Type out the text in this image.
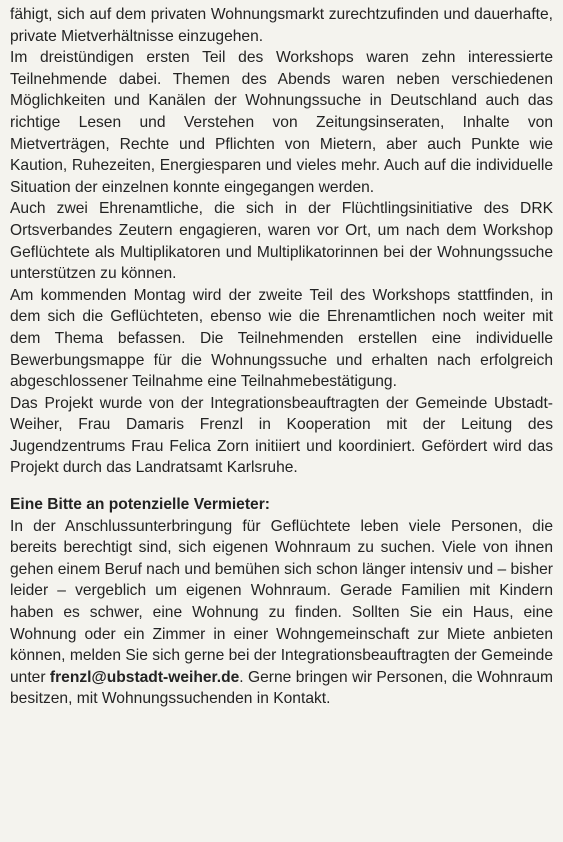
fähigt, sich auf dem privaten Wohnungsmarkt zurechtzufinden und dauerhafte, private Mietverhältnisse einzugehen.

Im dreistündigen ersten Teil des Workshops waren zehn interessierte Teilnehmende dabei. Themen des Abends waren neben verschiedenen Möglichkeiten und Kanälen der Wohnungssuche in Deutschland auch das richtige Lesen und Verstehen von Zeitungsinseraten, Inhalte von Mietverträgen, Rechte und Pflichten von Mietern, aber auch Punkte wie Kaution, Ruhezeiten, Energiesparen und vieles mehr. Auch auf die individuelle Situation der einzelnen konnte eingegangen werden.

Auch zwei Ehrenamtliche, die sich in der Flüchtlingsinitiative des DRK Ortsverbandes Zeutern engagieren, waren vor Ort, um nach dem Workshop Geflüchtete als Multiplikatoren und Multiplikatorinnen bei der Wohnungssuche unterstützen zu können.

Am kommenden Montag wird der zweite Teil des Workshops stattfinden, in dem sich die Geflüchteten, ebenso wie die Ehrenamtlichen noch weiter mit dem Thema befassen. Die Teilnehmenden erstellen eine individuelle Bewerbungsmappe für die Wohnungssuche und erhalten nach erfolgreich abgeschlossener Teilnahme eine Teilnahmebestätigung.

Das Projekt wurde von der Integrationsbeauftragten der Gemeinde Ubstadt-Weiher, Frau Damaris Frenzl in Kooperation mit der Leitung des Jugendzentrums Frau Felica Zorn initiiert und koordiniert. Gefördert wird das Projekt durch das Landratsamt Karlsruhe.

Eine Bitte an potenzielle Vermieter:

In der Anschlussunterbringung für Geflüchtete leben viele Personen, die bereits berechtigt sind, sich eigenen Wohnraum zu suchen. Viele von ihnen gehen einem Beruf nach und bemühen sich schon länger intensiv und – bisher leider – vergeblich um eigenen Wohnraum. Gerade Familien mit Kindern haben es schwer, eine Wohnung zu finden. Sollten Sie ein Haus, eine Wohnung oder ein Zimmer in einer Wohngemeinschaft zur Miete anbieten können, melden Sie sich gerne bei der Integrationsbeauftragten der Gemeinde unter frenzl@ubstadt-weiher.de. Gerne bringen wir Personen, die Wohnraum besitzen, mit Wohnungssuchenden in Kontakt.
